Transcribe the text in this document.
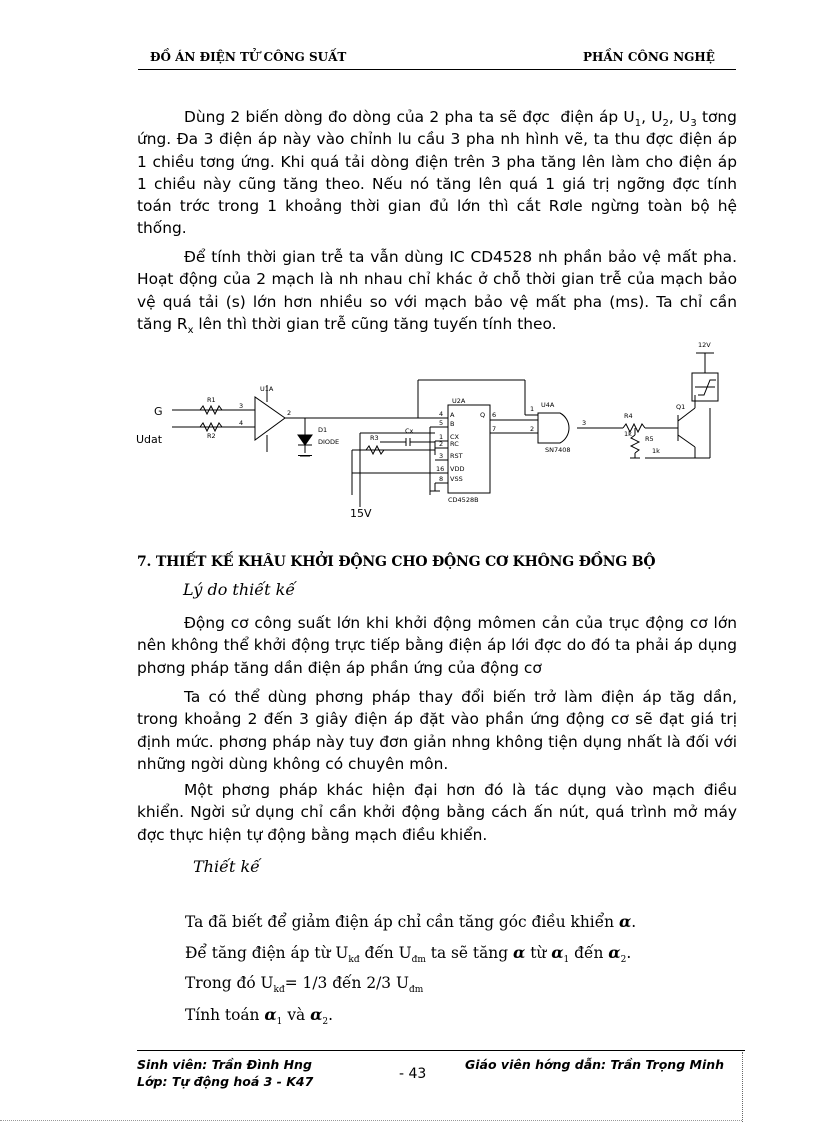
ĐỒ ÁN ĐIỆN TỬ CÔNG SUẤT	PHẦN CÔNG NGHỆ

Dùng 2 biến dòng đo dòng của 2 pha ta sẽ đợc  điện áp $U_1$, $U_2$, $U_3$ tơng ứng. Đa 3 điện áp này vào chỉnh lu cầu 3 pha nh hình vẽ, ta thu đợc điện áp 1 chiều tơng ứng. Khi quá tải dòng điện trên 3 pha tăng lên làm cho điện áp 1 chiều này cũng tăng theo. Nếu nó tăng lên quá 1 giá trị ngỡng đợc tính toán trớc trong 1 khoảng thời gian đủ lớn thì cắt Rơle ngừng toàn bộ hệ thống.

Để tính thời gian trễ ta vẫn dùng IC CD4528 nh phần bảo vệ mất pha. Hoạt động của 2 mạch là nh nhau chỉ khác ở chỗ thời gian trễ của mạch bảo vệ quá tải (s) lớn hơn nhiều so với mạch bảo vệ mất pha (ms). Ta chỉ cần tăng $R_x$ lên thì thời gian trễ cũng tăng tuyến tính theo.

G
Udat
U1A
R1
R2
D1
DIODE	R3
Cx
U2A
CD4528B
U4A
SN7408
R4
1k
R5
1k
Q1
12V
15V
3
4
2	4
5
1
2
3
16
8
6
7
1
2
3
A
B
CX
RC
RST
VDD
VSS
Q
7. THIẾT KẾ KHÂU KHỞI ĐỘNG CHO ĐỘNG CƠ KHÔNG ĐỒNG BỘ
Lý do thiết kế

Động cơ công suất lớn khi khởi động mômen cản của trục động cơ lớn nên không thể khởi động trực tiếp bằng điện áp lới đợc do đó ta phải áp dụng phơng pháp tăng dần điện áp phần ứng của động cơ

Ta có thể dùng phơng pháp thay đổi biến trở làm điện áp tăg dần, trong khoảng 2 đến 3 giây điện áp đặt vào phần ứng động cơ sẽ đạt giá trị định mức. phơng pháp này tuy đơn giản nhng không tiện dụng nhất là đối với những ngời dùng không có chuyên môn.

Một phơng pháp khác hiện đại hơn đó là tác dụng vào mạch điều khiển. Ngời sử dụng chỉ cần khởi động bằng cách ấn nút, quá trình mở máy đợc thực hiện tự động bằng mạch điều khiển.

Thiết kế
Ta đã biết để giảm điện áp chỉ cần tăng góc điều khiển α.
Để tăng điện áp từ $U_{kđ}$ đến $U_{đm}$ ta sẽ tăng α từ $\alpha_1$ đến $\alpha_2$.
Trong đó $U_{kđ}= 1/3$ đến 2/3 $U_{đm}$
Tính toán $\alpha_1$ và $\alpha_2$.
Sinh viên: Trần Đình Hng
Lớp: Tự động hoá 3 - K47	- 43
Giáo viên hớng dẫn: Trần Trọng Minh
